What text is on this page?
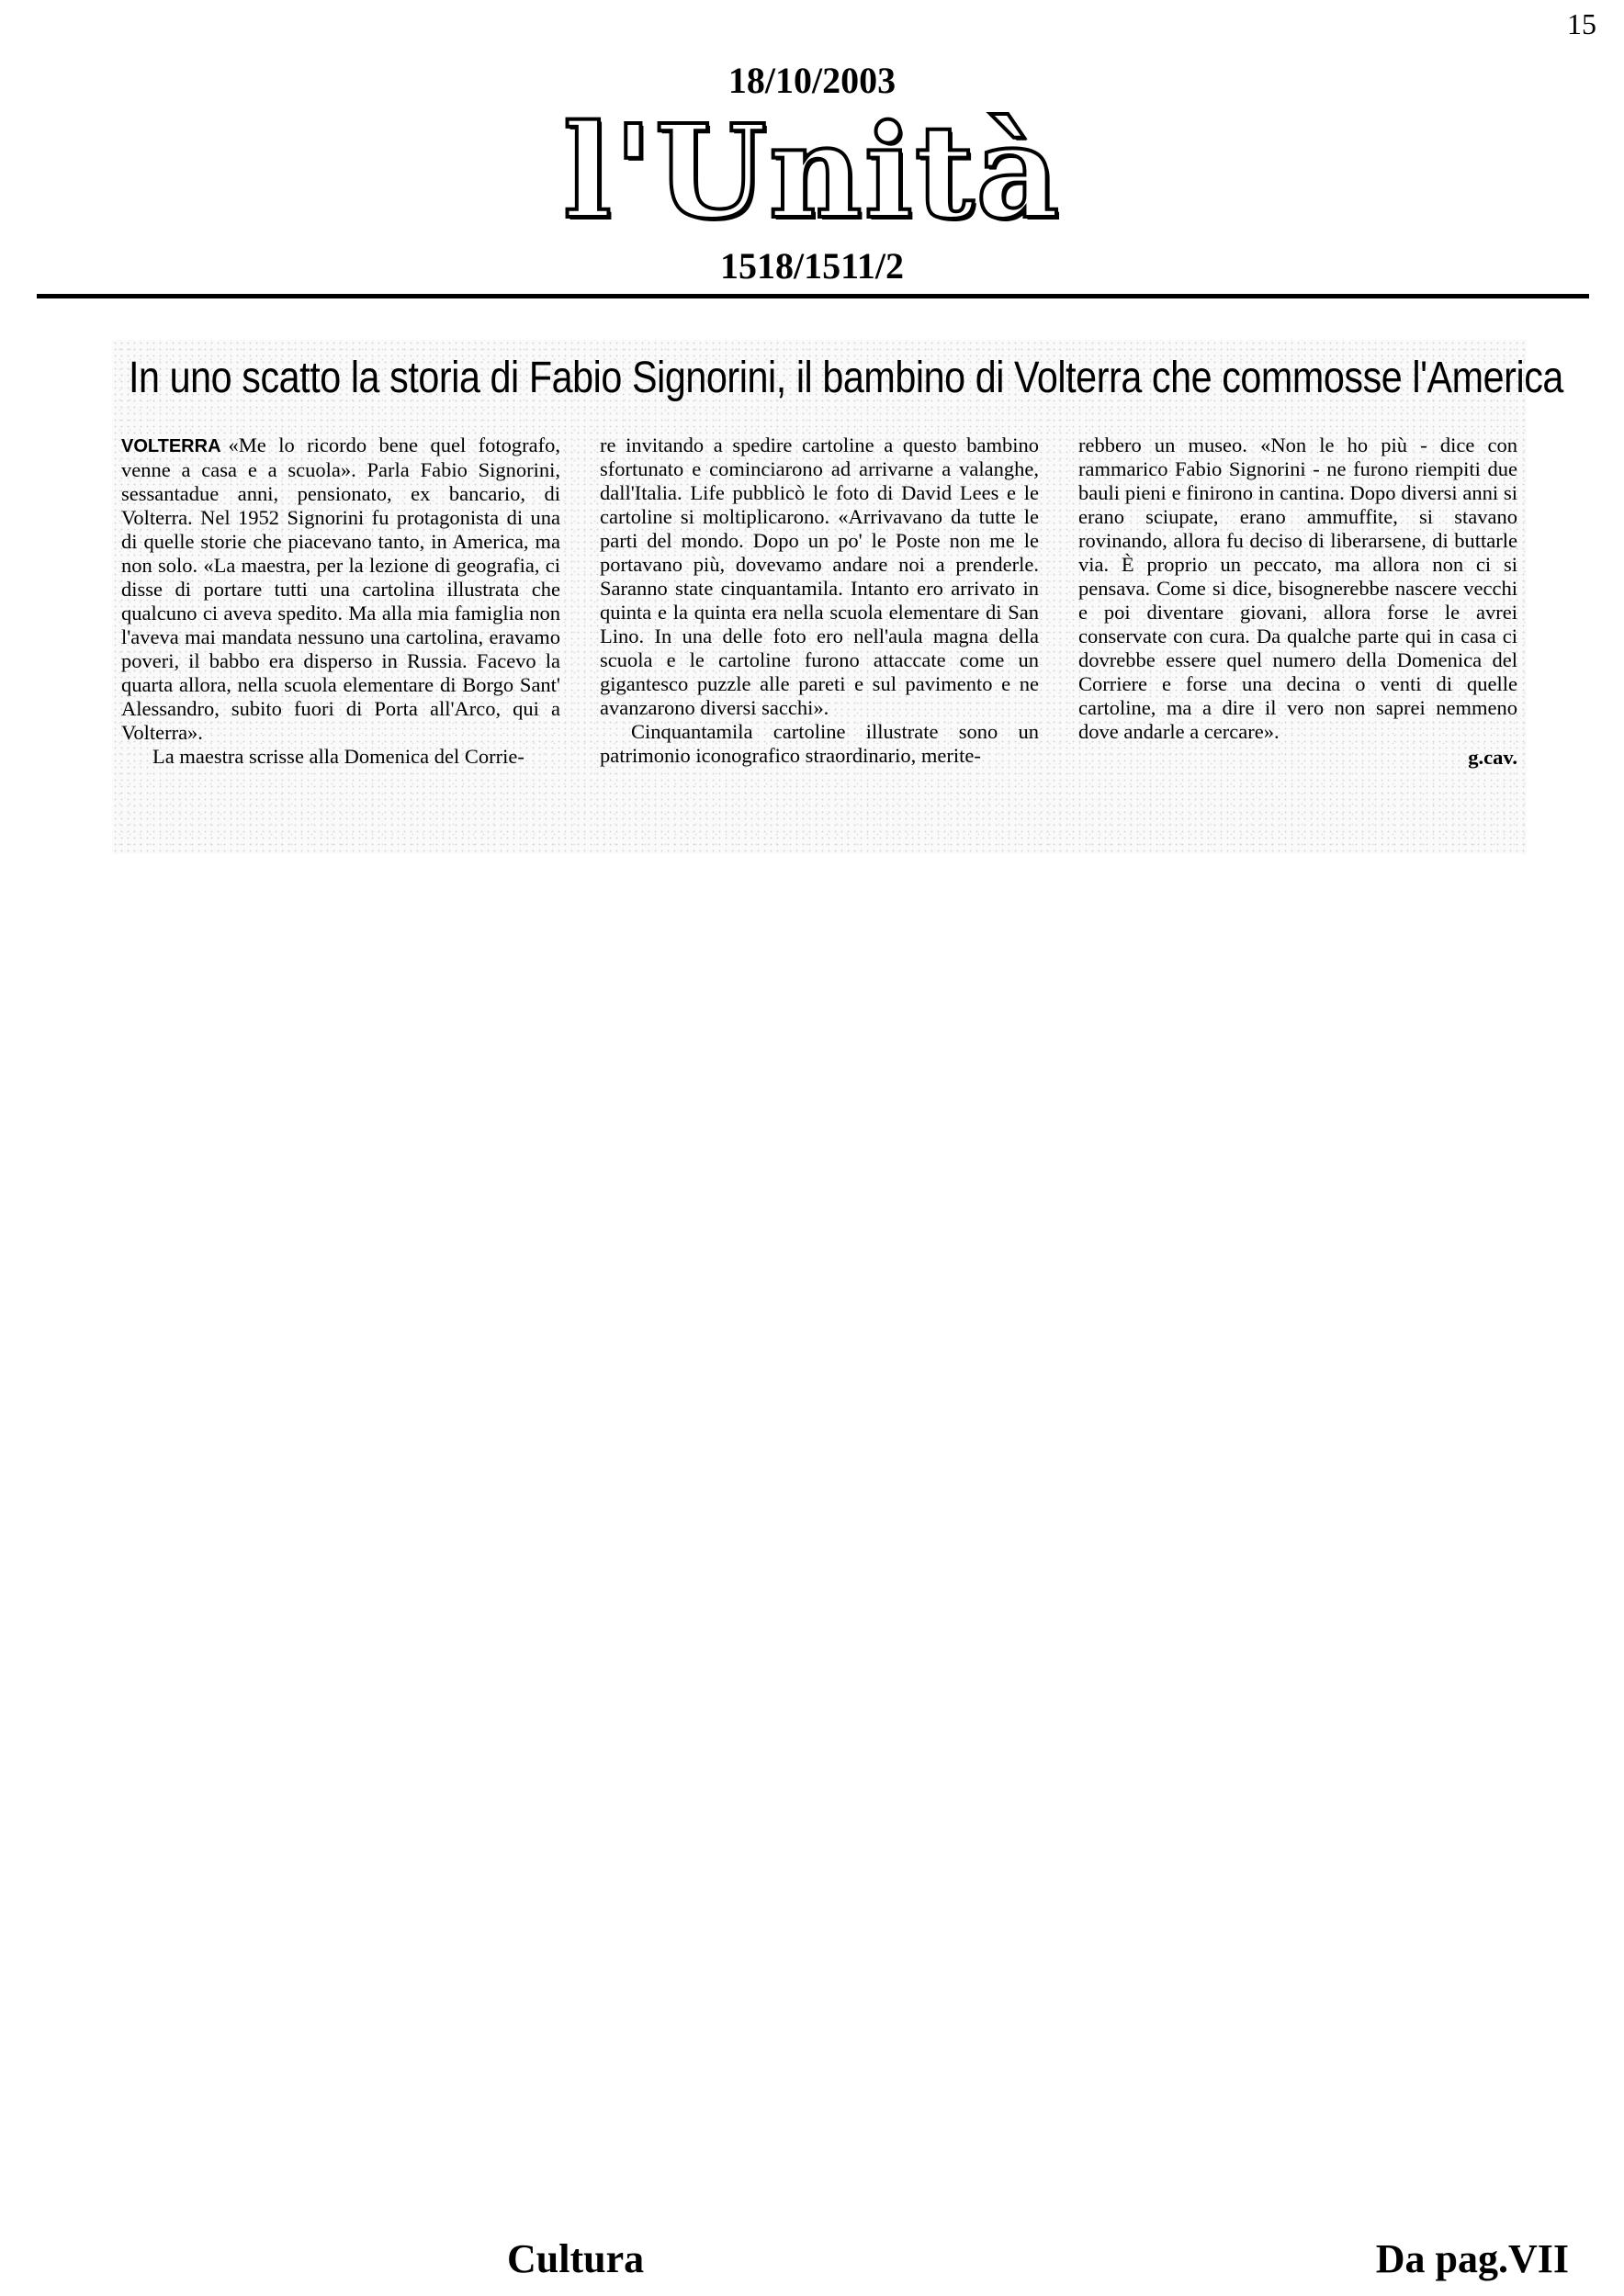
15
18/10/2003
l'Unità
1518/1511/2
In uno scatto la storia di Fabio Signorini, il bambino di Volterra che commosse l'America

VOLTERRA «Me lo ricordo bene quel fotografo, venne a casa e a scuola». Parla Fabio Signorini, sessantadue anni, pensionato, ex bancario, di Volterra. Nel 1952 Signorini fu protagonista di una di quelle storie che piacevano tanto, in America, ma non solo. «La maestra, per la lezione di geografia, ci disse di portare tutti una cartolina illustrata che qualcuno ci aveva spedito. Ma alla mia famiglia non l'aveva mai mandata nessuno una cartolina, eravamo poveri, il babbo era disperso in Russia. Facevo la quarta allora, nella scuola elementare di Borgo Sant' Alessandro, subito fuori di Porta all'Arco, qui a Volterra».

La maestra scrisse alla Domenica del Corrie-

re invitando a spedire cartoline a questo bambino sfortunato e cominciarono ad arrivarne a valanghe, dall'Italia. Life pubblicò le foto di David Lees e le cartoline si moltiplicarono. «Arrivavano da tutte le parti del mondo. Dopo un po' le Poste non me le portavano più, dovevamo andare noi a prenderle. Saranno state cinquantamila. Intanto ero arrivato in quinta e la quinta era nella scuola elementare di San Lino. In una delle foto ero nell'aula magna della scuola e le cartoline furono attaccate come un gigantesco puzzle alle pareti e sul pavimento e ne avanzarono diversi sacchi».

Cinquantamila cartoline illustrate sono un patrimonio iconografico straordinario, merite-

rebbero un museo. «Non le ho più - dice con rammarico Fabio Signorini - ne furono riempiti due bauli pieni e finirono in cantina. Dopo diversi anni si erano sciupate, erano ammuffite, si stavano rovinando, allora fu deciso di liberarsene, di buttarle via. È proprio un peccato, ma allora non ci si pensava. Come si dice, bisognerebbe nascere vecchi e poi diventare giovani, allora forse le avrei conservate con cura. Da qualche parte qui in casa ci dovrebbe essere quel numero della Domenica del Corriere e forse una decina o venti di quelle cartoline, ma a dire il vero non saprei nemmeno dove andarle a cercare».

g.cav.
Cultura	Da pag.VII
